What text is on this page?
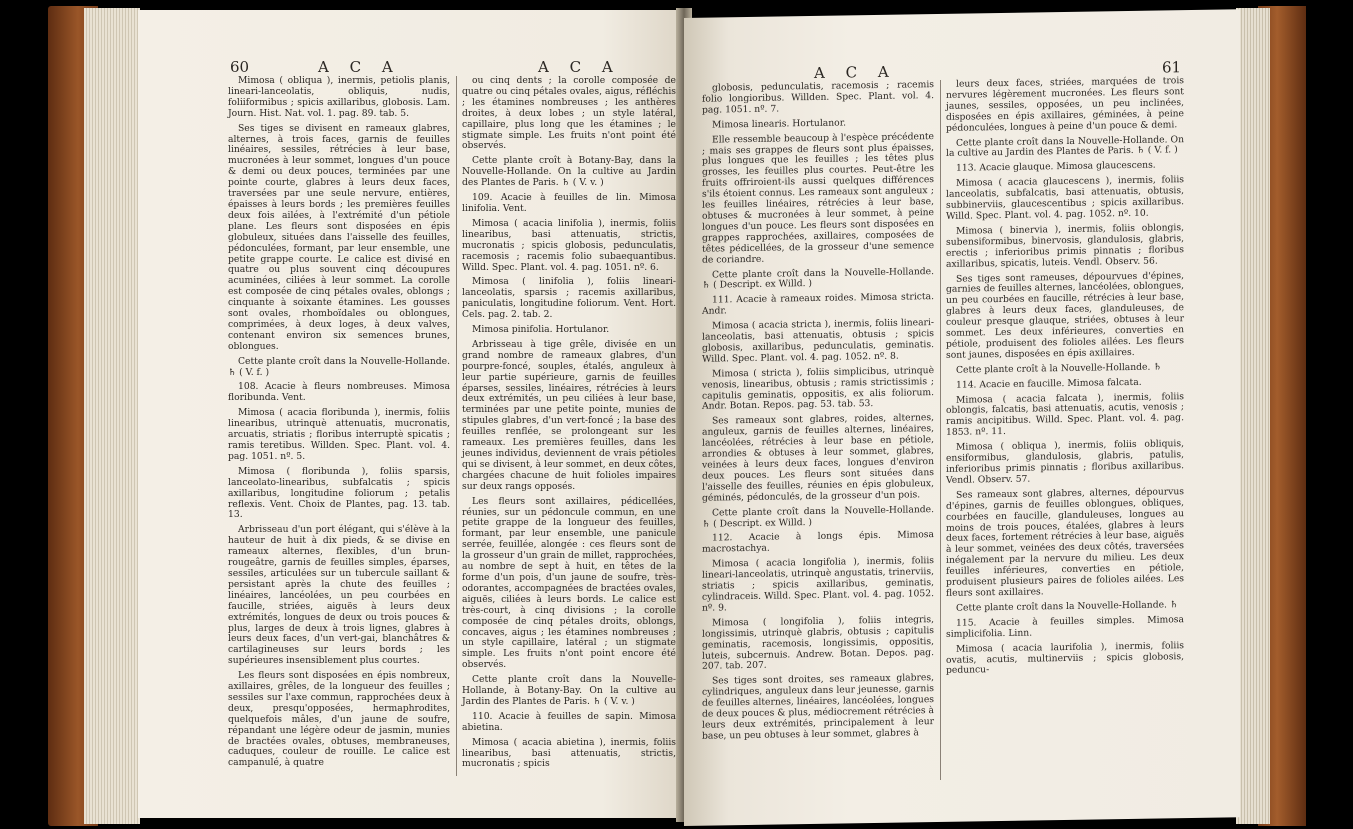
60	A C A	A C A

Mimosa ( obliqua ), inermis, petiolis planis, lineari-lanceolatis, obliquis, nudis, foliiformibus ; spicis axillaribus, globosis. Lam. Journ. Hist. Nat. vol. 1. pag. 89. tab. 5.

Ses tiges se divisent en rameaux glabres, alternes, à trois faces, garnis de feuilles linéaires, sessiles, rétrécies à leur base, mucronées à leur sommet, longues d'un pouce & demi ou deux pouces, terminées par une pointe courte, glabres à leurs deux faces, traversées par une seule nervure, entières, épaisses à leurs bords ; les premières feuilles deux fois ailées, à l'extrémité d'un pétiole plane. Les fleurs sont disposées en épis globuleux, situées dans l'aisselle des feuilles, pédonculées, formant, par leur ensemble, une petite grappe courte. Le calice est divisé en quatre ou plus souvent cinq découpures acuminées, ciliées à leur sommet. La corolle est composée de cinq pétales ovales, oblongs ; cinquante à soixante étamines. Les gousses sont ovales, rhomboïdales ou oblongues, comprimées, à deux loges, à deux valves, contenant environ six semences brunes, oblongues.

Cette plante croît dans la Nouvelle-Hollande. ♄ ( V. f. )

108. Acacie à fleurs nombreuses. Mimosa floribunda. Vent.

Mimosa ( acacia floribunda ), inermis, foliis linearibus, utrinquè attenuatis, mucronatis, arcuatis, striatis ; floribus interruptè spicatis ; ramis teretibus. Willden. Spec. Plant. vol. 4. pag. 1051. nº. 5.

Mimosa ( floribunda ), foliis sparsis, lanceolato-linearibus, subfalcatis ; spicis axillaribus, longitudine foliorum ; petalis reflexis. Vent. Choix de Plantes, pag. 13. tab. 13.

Arbrisseau d'un port élégant, qui s'élève à la hauteur de huit à dix pieds, & se divise en rameaux alternes, flexibles, d'un brun-rougeâtre, garnis de feuilles simples, éparses, sessiles, articulées sur un tubercule saillant & persistant après la chute des feuilles ; linéaires, lancéolées, un peu courbées en faucille, striées, aiguës à leurs deux extrémités, longues de deux ou trois pouces & plus, larges de deux à trois lignes, glabres à leurs deux faces, d'un vert-gai, blanchâtres & cartilagineuses sur leurs bords ; les supérieures insensiblement plus courtes.

Les fleurs sont disposées en épis nombreux, axillaires, grêles, de la longueur des feuilles ; sessiles sur l'axe commun, rapprochées deux à deux, presqu'opposées, hermaphrodites, quelquefois mâles, d'un jaune de soufre, répandant une légère odeur de jasmin, munies de bractées ovales, obtuses, membraneuses, caduques, couleur de rouille. Le calice est campanulé, à quatre

ou cinq dents ; la corolle composée de quatre ou cinq pétales ovales, aigus, réfléchis ; les étamines nombreuses ; les anthères droites, à deux lobes ; un style latéral, capillaire, plus long que les étamines ; le stigmate simple. Les fruits n'ont point été observés.

Cette plante croît à Botany-Bay, dans la Nouvelle-Hollande. On la cultive au Jardin des Plantes de Paris. ♄ ( V. v. )

109. Acacie à feuilles de lin. Mimosa linifolia. Vent.

Mimosa ( acacia linifolia ), inermis, foliis linearibus, basi attenuatis, strictis, mucronatis ; spicis globosis, pedunculatis, racemosis ; racemis folio subaequantibus. Willd. Spec. Plant. vol. 4. pag. 1051. nº. 6.

Mimosa ( linifolia ), foliis lineari-lanceolatis, sparsis ; racemis axillaribus, paniculatis, longitudine foliorum. Vent. Hort. Cels. pag. 2. tab. 2.

Mimosa pinifolia. Hortulanor.

Arbrisseau à tige grêle, divisée en un grand nombre de rameaux glabres, d'un pourpre-foncé, souples, étalés, anguleux à leur partie supérieure, garnis de feuilles éparses, sessiles, linéaires, rétrécies à leurs deux extrémités, un peu ciliées à leur base, terminées par une petite pointe, munies de stipules glabres, d'un vert-foncé ; la base des feuilles renflée, se prolongeant sur les rameaux. Les premières feuilles, dans les jeunes individus, deviennent de vrais pétioles qui se divisent, à leur sommet, en deux côtes, chargées chacune de huit folioles impaires sur deux rangs opposés.

Les fleurs sont axillaires, pédicellées, réunies, sur un pédoncule commun, en une petite grappe de la longueur des feuilles, formant, par leur ensemble, une panicule serrée, feuillée, alongée : ces fleurs sont de la grosseur d'un grain de millet, rapprochées, au nombre de sept à huit, en têtes de la forme d'un pois, d'un jaune de soufre, très-odorantes, accompagnées de bractées ovales, aiguës, ciliées à leurs bords. Le calice est très-court, à cinq divisions ; la corolle composée de cinq pétales droits, oblongs, concaves, aigus ; les étamines nombreuses ; un style capillaire, latéral ; un stigmate simple. Les fruits n'ont point encore été observés.

Cette plante croît dans la Nouvelle-Hollande, à Botany-Bay. On la cultive au Jardin des Plantes de Paris. ♄ ( V. v. )

110. Acacie à feuilles de sapin. Mimosa abietina.

Mimosa ( acacia abietina ), inermis, foliis linearibus, basi attenuatis, strictis, mucronatis ; spicis

A C A	61

globosis, pedunculatis, racemosis ; racemis folio longioribus. Willden. Spec. Plant. vol. 4. pag. 1051. nº. 7.

Mimosa linearis. Hortulanor.

Elle ressemble beaucoup à l'espèce précédente ; mais ses grappes de fleurs sont plus épaisses, plus longues que les feuilles ; les têtes plus grosses, les feuilles plus courtes. Peut-être les fruits offriroient-ils aussi quelques différences s'ils étoient connus. Les rameaux sont anguleux ; les feuilles linéaires, rétrécies à leur base, obtuses & mucronées à leur sommet, à peine longues d'un pouce. Les fleurs sont disposées en grappes rapprochées, axillaires, composées de têtes pédicellées, de la grosseur d'une semence de coriandre.

Cette plante croît dans la Nouvelle-Hollande. ♄ ( Descript. ex Willd. )

111. Acacie à rameaux roides. Mimosa stricta. Andr.

Mimosa ( acacia stricta ), inermis, foliis lineari-lanceolatis, basi attenuatis, obtusis ; spicis globosis, axillaribus, pedunculatis, geminatis. Willd. Spec. Plant. vol. 4. pag. 1052. nº. 8.

Mimosa ( stricta ), foliis simplicibus, utrinquè venosis, linearibus, obtusis ; ramis strictissimis ; capitulis geminatis, oppositis, ex alis foliorum. Andr. Botan. Repos. pag. 53. tab. 53.

Ses rameaux sont glabres, roides, alternes, anguleux, garnis de feuilles alternes, linéaires, lancéolées, rétrécies à leur base en pétiole, arrondies & obtuses à leur sommet, glabres, veinées à leurs deux faces, longues d'environ deux pouces. Les fleurs sont situées dans l'aisselle des feuilles, réunies en épis globuleux, géminés, pédonculés, de la grosseur d'un pois.

Cette plante croît dans la Nouvelle-Hollande. ♄ ( Descript. ex Willd. )

112. Acacie à longs épis. Mimosa macrostachya.

Mimosa ( acacia longifolia ), inermis, foliis lineari-lanceolatis, utrinquè angustatis, trinerviis, striatis ; spicis axillaribus, geminatis, cylindraceis. Willd. Spec. Plant. vol. 4. pag. 1052. nº. 9.

Mimosa ( longifolia ), foliis integris, longissimis, utrinquè glabris, obtusis ; capitulis geminatis, racemosis, longissimis, oppositis, luteis, subcernuis. Andrew. Botan. Depos. pag. 207. tab. 207.

Ses tiges sont droites, ses rameaux glabres, cylindriques, anguleux dans leur jeunesse, garnis de feuilles alternes, linéaires, lancéolées, longues de deux pouces & plus, médiocrement rétrécies à leurs deux extrémités, principalement à leur base, un peu obtuses à leur sommet, glabres à

leurs deux faces, striées, marquées de trois nervures légèrement mucronées. Les fleurs sont jaunes, sessiles, opposées, un peu inclinées, disposées en épis axillaires, géminées, à peine pédonculées, longues à peine d'un pouce & demi.

Cette plante croît dans la Nouvelle-Hollande. On la cultive au Jardin des Plantes de Paris. ♄ ( V. f. )

113. Acacie glauque. Mimosa glaucescens.

Mimosa ( acacia glaucescens ), inermis, foliis lanceolatis, subfalcatis, basi attenuatis, obtusis, subbinerviis, glaucescentibus ; spicis axillaribus. Willd. Spec. Plant. vol. 4. pag. 1052. nº. 10.

Mimosa ( binervia ), inermis, foliis oblongis, subensiformibus, binervosis, glandulosis, glabris, erectis ; inferioribus primis pinnatis ; floribus axillaribus, spicatis, luteis. Vendl. Observ. 56.

Ses tiges sont rameuses, dépourvues d'épines, garnies de feuilles alternes, lancéolées, oblongues, un peu courbées en faucille, rétrécies à leur base, glabres à leurs deux faces, glanduleuses, de couleur presque glauque, striées, obtuses à leur sommet. Les deux inférieures, converties en pétiole, produisent des folioles ailées. Les fleurs sont jaunes, disposées en épis axillaires.

Cette plante croît à la Nouvelle-Hollande. ♄

114. Acacie en faucille. Mimosa falcata.

Mimosa ( acacia falcata ), inermis, foliis oblongis, falcatis, basi attenuatis, acutis, venosis ; ramis ancipitibus. Willd. Spec. Plant. vol. 4. pag. 1853. nº. 11.

Mimosa ( obliqua ), inermis, foliis obliquis, ensiformibus, glandulosis, glabris, patulis, inferioribus primis pinnatis ; floribus axillaribus. Vendl. Observ. 57.

Ses rameaux sont glabres, alternes, dépourvus d'épines, garnis de feuilles oblongues, obliques, courbées en faucille, glanduleuses, longues au moins de trois pouces, étalées, glabres à leurs deux faces, fortement rétrécies à leur base, aiguës à leur sommet, veinées des deux côtés, traversées inégalement par la nervure du milieu. Les deux feuilles inférieures, converties en pétiole, produisent plusieurs paires de folioles ailées. Les fleurs sont axillaires.

Cette plante croît dans la Nouvelle-Hollande. ♄

115. Acacie à feuilles simples. Mimosa simplicifolia. Linn.

Mimosa ( acacia laurifolia ), inermis, foliis ovatis, acutis, multinerviis ; spicis globosis, peduncu-
